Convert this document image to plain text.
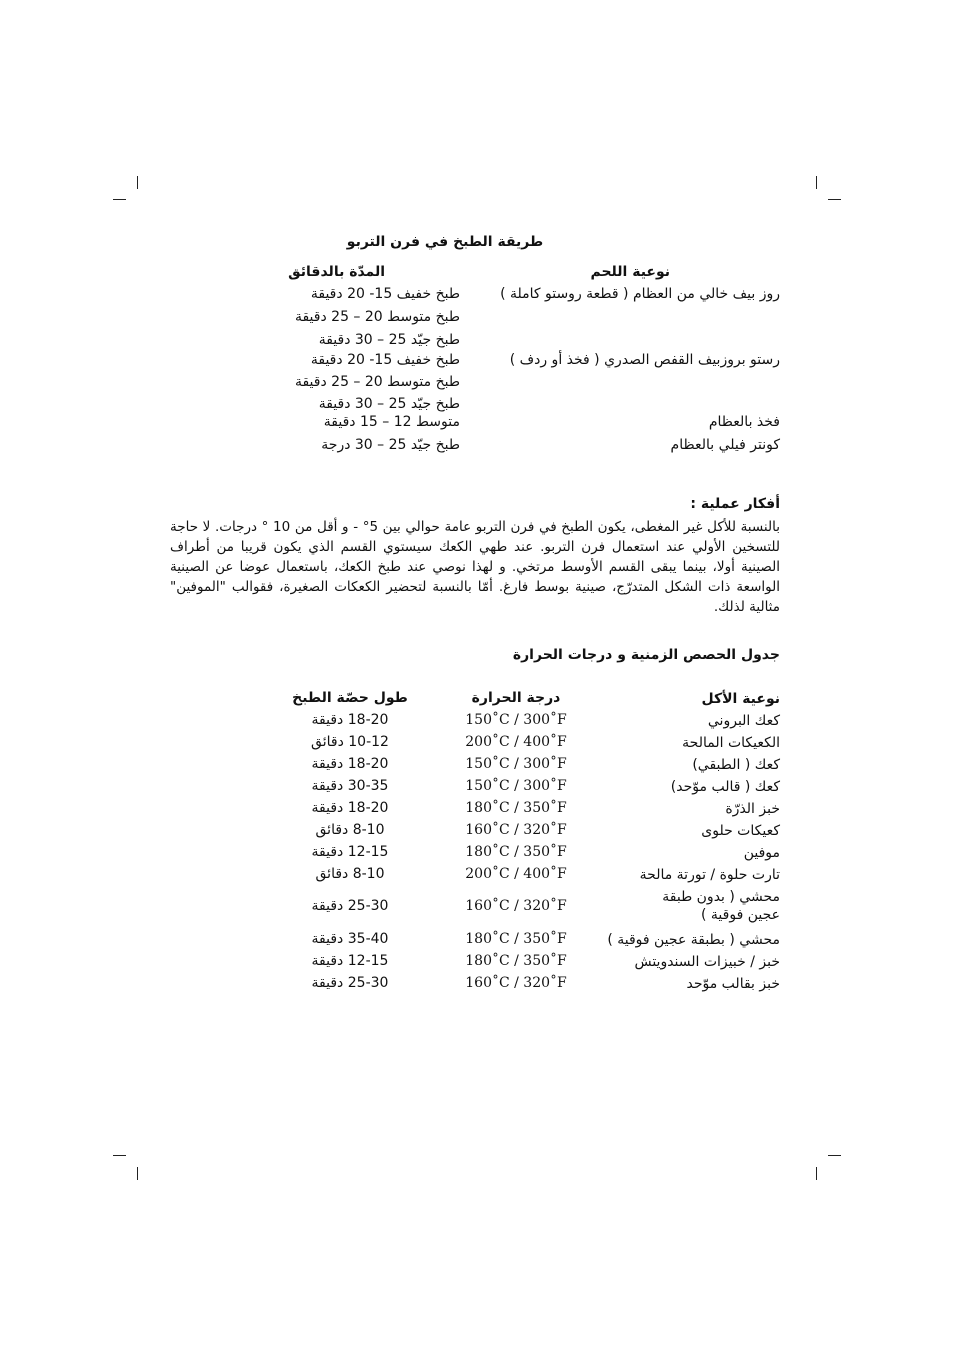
طريقة الطبخ في فرن التربو
نوعية اللحم
المدّة بالدقائق
روز بيف خالي من العظام ( قطعة روستو كاملة )
طبخ خفيف 15- 20 دقيقة
طبخ متوسط 20 – 25 دقيقة
طبخ جيّد 25 – 30 دقيقة
رستو بروزبيف القفص الصدري ( فخذ أو ردف )
طبخ خفيف 15- 20 دقيقة
طبخ متوسط 20 – 25 دقيقة
طبخ جيّد 25 – 30 دقيقة
فخذ بالعظام
متوسط 12 – 15 دقيقة
كونتر فيلي بالعظام
طبخ جيّد 25 – 30 درجة
أفكار عملية :
بالنسبة للأكل غير المغطى، يكون الطبخ في فرن التربو عامة حوالي بين 5° - و أقل من 10 ° درجات. لا حاجة للتسخين الأولي عند استعمال فرن التربو. عند طهي الكعك سيستوي القسم الذي يكون قريبا من أطراف الصينية أولا، بينما يبقى القسم الأوسط مرتخي. و لهذا نوصي عند طبخ الكعك، باستعمال عوضا عن الصينية الواسعة ذات الشكل المتدرّج، صينية بوسط فارغ. أمّا بالنسبة لتحضير الكعكات الصغيرة، فقوالب "الموفين" مثالية لذلك.
جدول الحصص الزمنية و درجات الحرارة
نوعية الأكل
درجة الحرارة
طول حصّة الطبخ
كعك البروني
150˚C / 300˚F
18-20 دقيقة
الكعيكات المالحة
200˚C / 400˚F
10-12 دقائق
كعك ( الطبقي)
150˚C / 300˚F
18-20 دقيقة
كعك ( قالب موّحد)
150˚C / 300˚F
30-35 دقيقة
خبز الذرّة
180˚C / 350˚F
18-20 دقيقة
كعيكات حلوى
160˚C / 320˚F
8-10 دقائق
موفين
180˚C / 350˚F
12-15 دقيقة
تارت حلوة / تورتة مالحة
200˚C / 400˚F
8-10 دقائق
محشي ( بدون طبقة عجين فوقية )
160˚C / 320˚F
25-30 دقيقة
محشي ( بطبقة عجين فوقية )
180˚C / 350˚F
35-40 دقيقة
خبز / خبيزات السندويتش
180˚C / 350˚F
12-15 دقيقة
خبز بقالب موّحد
160˚C / 320˚F
25-30 دقيقة
